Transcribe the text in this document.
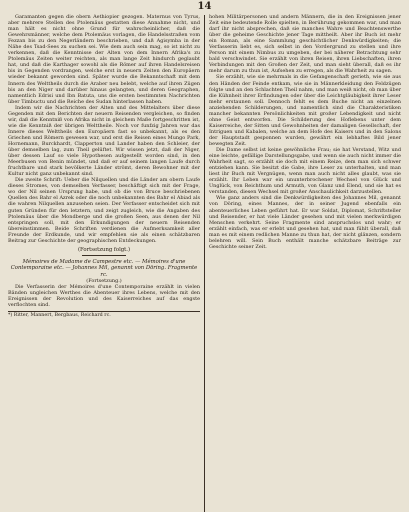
14

Garamanten gegen die obern Aethiopier gezogen. Maternus von Tyrus, aber mehrere Stellen des Ptolemäus gestatten diese Annahme nicht, und man hält es nicht ohne Grund für wahrscheinlicher, daß die Gewehrsmänner, welche dem Ptolemäus vorlagen, die Handelsstraßen vom Fezzan bis zu den Negerländern beschrieben, und daß Agisymba in der Nähe des Tsad-Sees zu suchen sei. Wie dem auch sein mag, so ist nicht zu verkennen, daß die Kenntnisse der Alten von dem Innern Afrika's zu Ptolemäus Zeiten weiter reichten, als man lange Zeit hindurch geglaubt hat, und daß die Karthager sowohl als die Römer auf ihren Handelsreisen bis in Gegenden vordrangen, welche erst in neuern Zeiten den Europäern wieder bekannt geworden sind. Später wurde die Bekanntschaft mit dem Innern des Welttheils durch die Araber neu belebt, welche auf ihren Zügen bis an den Niger und darüber hinaus gelangten, und deren Geographen, namentlich Edrisi und Ibn Batuta, uns die ersten bestimmten Nachrichten über Timbuctu und die Reiche des Sudan hinterlassen haben.

Indem wir die Nachrichten der Alten und des Mittelalters über diese Gegenden mit den Berichten der neuern Reisenden vergleichen, so finden wir, daß die Kenntniß von Afrika nicht in gleichem Maße fortgeschritten ist, wie die Kenntniß der übrigen Welttheile. Noch vor funfzig Jahren war das Innere dieses Welttheils den Europäern fast so unbekannt, als es den Griechen und Römern gewesen war, und erst die Reisen eines Mungo Park, Hornemann, Burckhardt, Clapperton und Lander haben den Schleier, der über demselben lag, zum Theil gelüftet. Wir wissen jetzt, daß der Niger, über dessen Lauf so viele Hypothesen aufgestellt worden sind, in den Meerbusen von Benin mündet, und daß er auf seinem langen Laufe durch fruchtbare und stark bevölkerte Länder strömt, deren Bewohner mit der Kultur nicht ganz unbekannt sind.

Die zweite Schrift: Ueber die Nilquellen und die Länder am obern Laufe dieses Stromes, von demselben Verfasser, beschäftigt sich mit der Frage, wo der Nil seinen Ursprung habe, und ob die von Bruce beschriebenen Quellen des Bahr el Azrek oder die noch unbekannten des Bahr el Abiad als die wahren Nilquellen anzusehen seien. Der Verfasser entscheidet sich mit guten Gründen für den letztern, und zeigt zugleich, wie die Angaben des Ptolemäus über die Mondberge und die großen Seen, aus denen der Nil entspringen soll, mit den Erkundigungen der neuern Reisenden übereinstimmen. Beide Schriften verdienen die Aufmerksamkeit aller Freunde der Erdkunde, und wir empfehlen sie als einen schätzbaren Beitrag zur Geschichte der geographischen Entdeckungen.

(Fortsetzung folgt.)

Mémoires de Madame de Campestre etc. — Mémoires d'une Contemporaine etc. — Johannes Mil, genannt von Döring. Fragmente rc.

(Fortsetzung.)

Die Verfasserin der Mémoires d'une Contemporaine erzählt in vielen Bänden ungleichen Werthes die Abenteuer ihres Lebens, welche mit den Ereignissen der Revolution und des Kaiserreiches auf das engste verflochten sind.

*) Ritter, Mannert, Bergbaus, Reichard rc.

hohen Militärpersonen und andern Männern, die in den Ereignissen jener Zeit eine bedeutende Rolle spielten, in Berührung gekommen war, und man darf ihr nicht absprechen, daß sie manches Wahre und Beachtenswerthe über die geheime Geschichte jener Tage mittheilt. Aber ihr Buch ist mehr ein Roman, als eine Sammlung geschichtlicher Denkwürdigkeiten; die Verfasserin liebt es, sich selbst in den Vordergrund zu stellen und ihre Person mit einem Nimbus zu umgeben, der bei näherer Betrachtung sehr bald verschwindet. Sie erzählt von ihren Reisen, ihren Liebschaften, ihren Verbindungen mit den Großen der Zeit, und man sieht überall, daß es ihr mehr darum zu thun ist, Aufsehen zu erregen, als die Wahrheit zu sagen.

Sie erzählt, wie sie mehrmals in die Gefangenschaft gerieth, wie sie aus den Händen der Feinde entkam, wie sie in Männerkleidung den Feldzügen folgte und an den Schlachten Theil nahm, und man weiß nicht, ob man über die Kühnheit ihrer Erfindungen oder über die Leichtgläubigkeit ihrer Leser mehr erstaunen soll. Dennoch fehlt es dem Buche nicht an einzelnen anziehenden Schilderungen, und namentlich sind die Charakteristiken mancher bekannten Persönlichkeiten mit großer Lebendigkeit und nicht ohne Geist entworfen. Die Schilderung des Hoflebens unter dem Kaiserreiche, der Sitten und Gewohnheiten der damaligen Gesellschaft, der Intriguen und Kabalen, welche an dem Hofe des Kaisers und in den Salons der Hauptstadt gesponnen wurden, gewährt ein lebhaftes Bild jener bewegten Zeit.

Die Dame selbst ist keine gewöhnliche Frau; sie hat Verstand, Witz und eine leichte, gefällige Darstellungsgabe, und wenn sie auch nicht immer die Wahrheit sagt, so erzählt sie doch mit einem Reize, dem man sich schwer entziehen kann. Sie besitzt die Gabe, ihre Leser zu unterhalten, und man liest ihr Buch mit Vergnügen, wenn man auch nicht alles glaubt, was sie erzählt. Ihr Leben war ein ununterbrochener Wechsel von Glück und Unglück, von Reichthum und Armuth, von Glanz und Elend, und sie hat es verstanden, diesen Wechsel mit großer Anschaulichkeit darzustellen.

Wie ganz anders sind die Denkwürdigkeiten des Johannes Mil, genannt von Döring, eines Mannes, der in seiner Jugend ebenfalls ein abenteuerliches Leben geführt hat. Er war Soldat, Diplomat, Schriftsteller und Reisender, er hat viele Länder gesehen und mit vielen merkwürdigen Menschen verkehrt. Seine Fragmente sind anspruchslos und wahr; er erzählt einfach, was er erlebt und gesehen hat, und man fühlt überall, daß man es mit einem redlichen Manne zu thun hat, der nicht glänzen, sondern belehren will. Sein Buch enthält manche schätzbare Beiträge zur Geschichte seiner Zeit.
